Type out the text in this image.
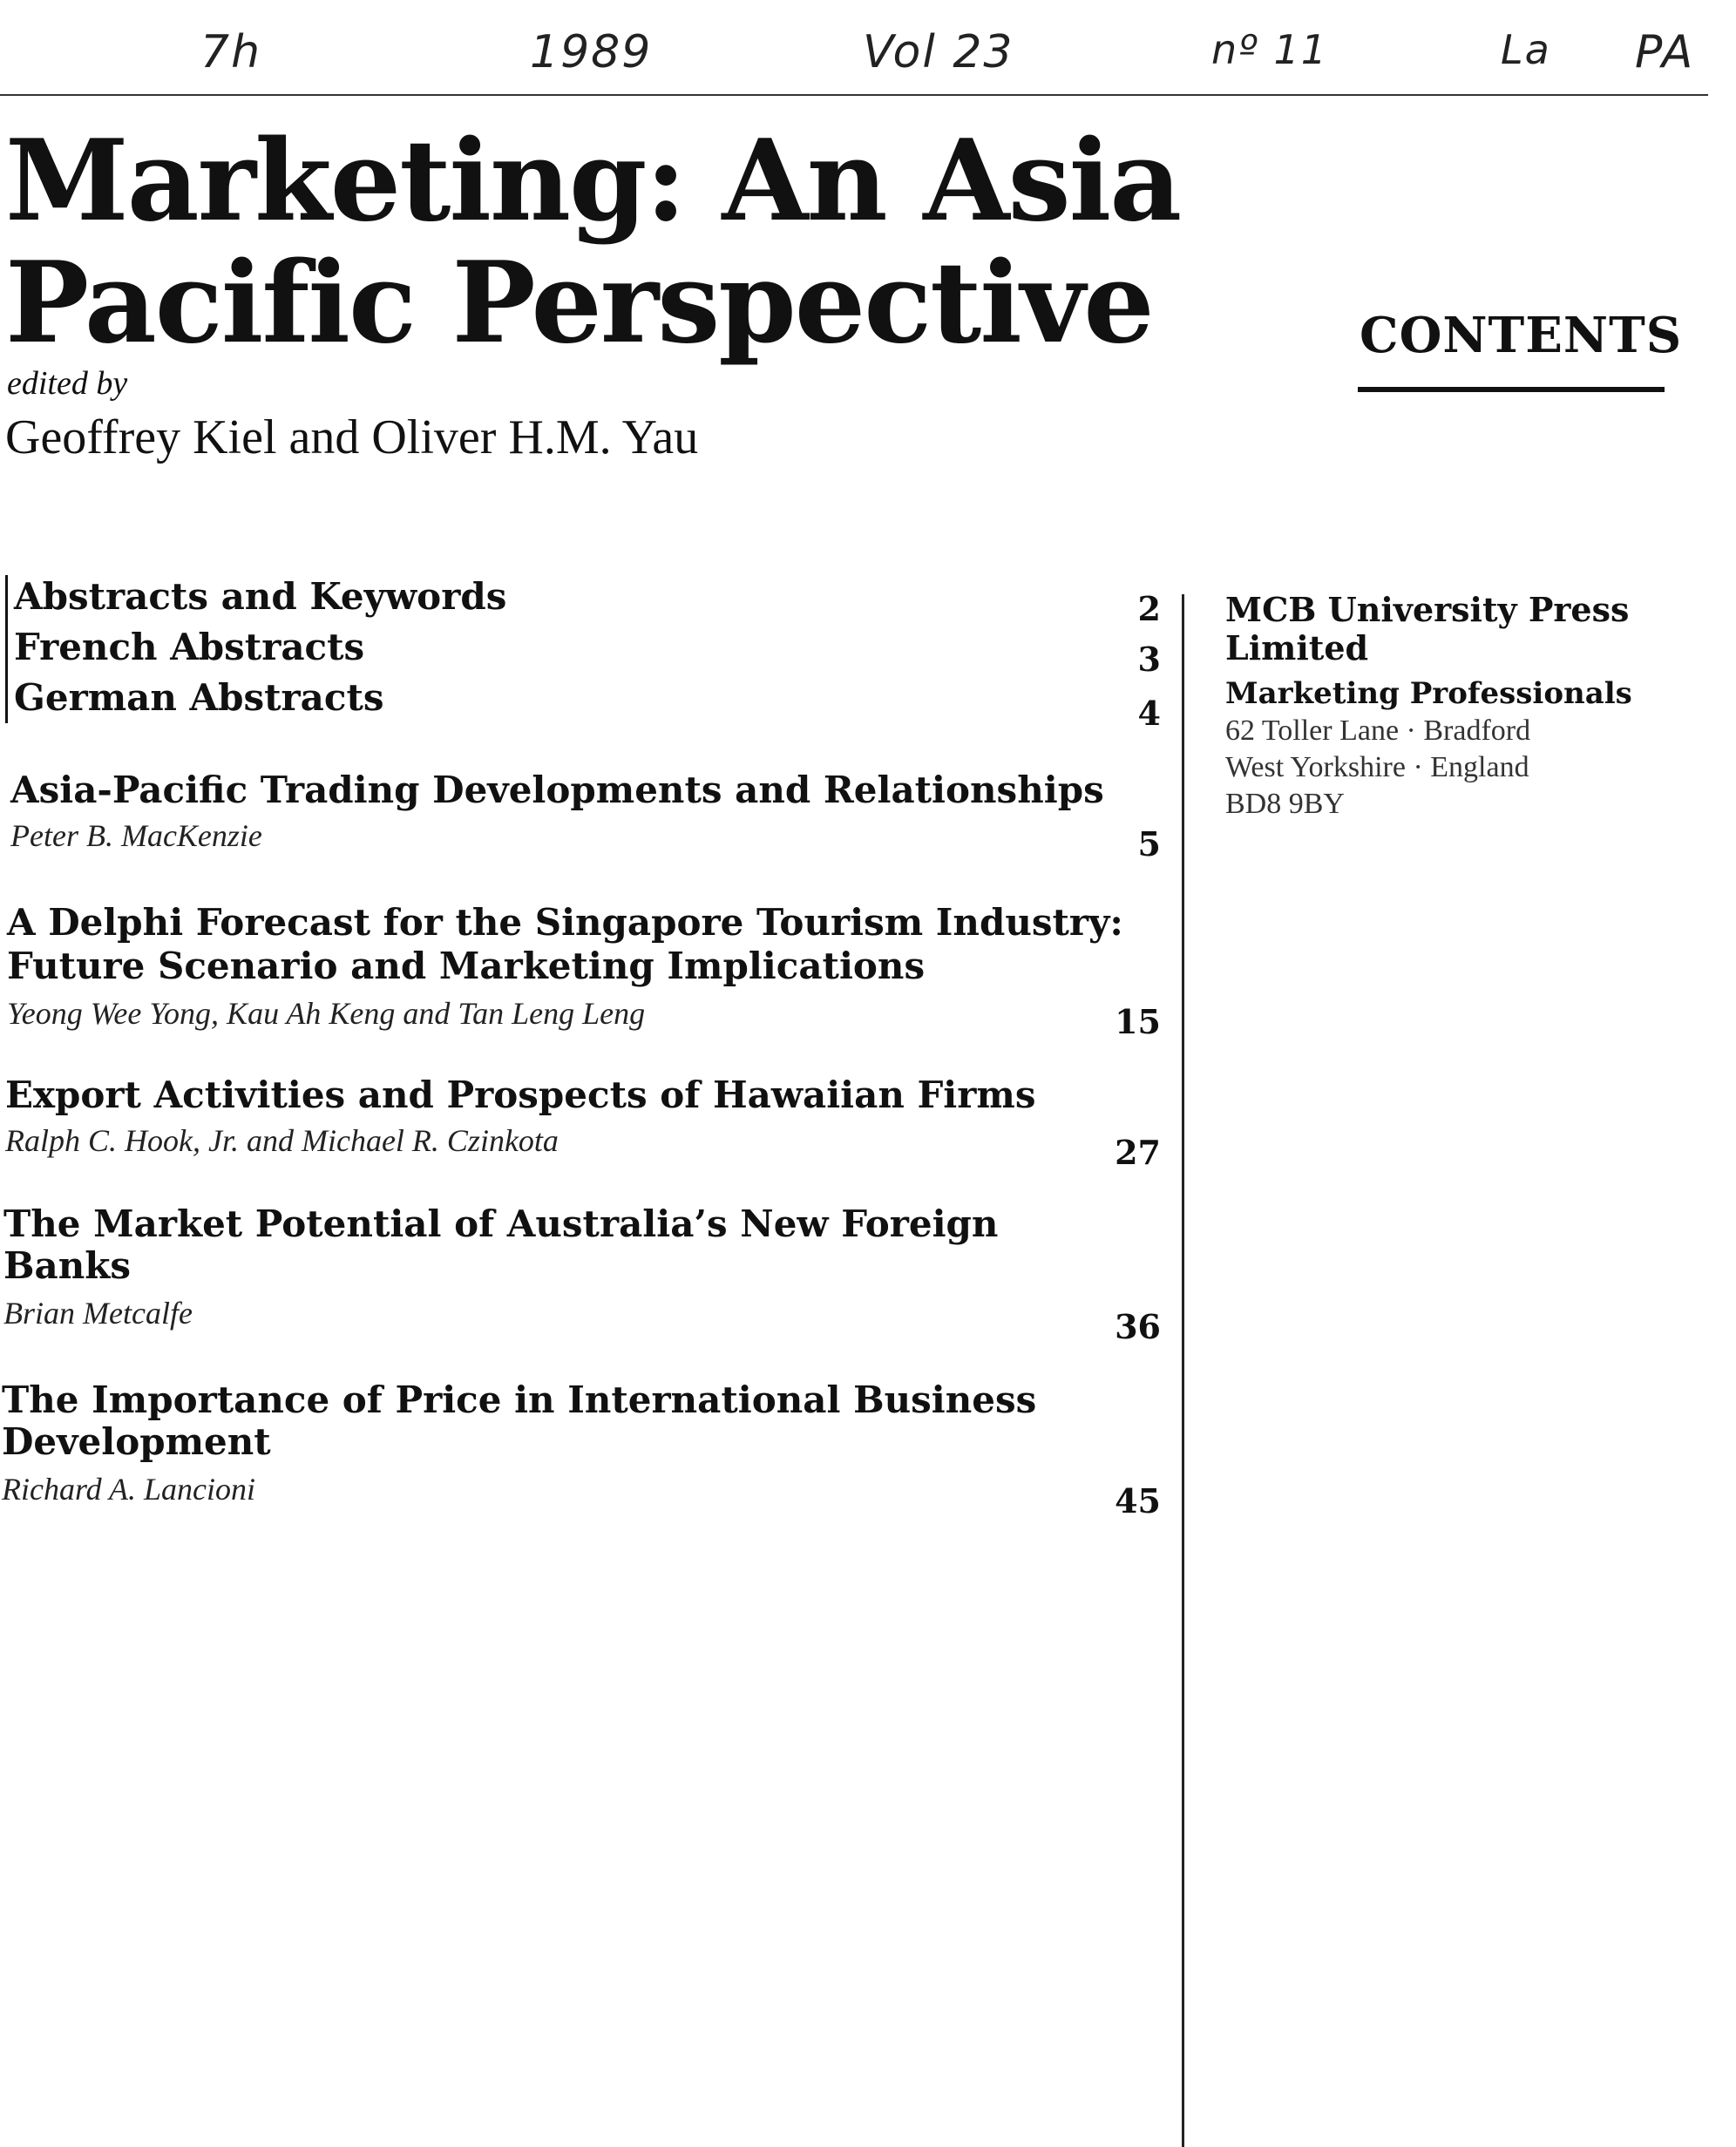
7h	1989	Vol 23	nº 11	La PA
Marketing: An Asia
Pacific Perspective
edited by
Geoffrey Kiel and Oliver H.M. Yau
CONTENTS
Abstracts and Keywords	2
French Abstracts	3
German Abstracts	4
Asia-Pacific Trading Developments and Relationships
Peter B. MacKenzie	5
A Delphi Forecast for the Singapore Tourism Industry:
Future Scenario and Marketing Implications
Yeong Wee Yong, Kau Ah Keng and Tan Leng Leng	15
Export Activities and Prospects of Hawaiian Firms
Ralph C. Hook, Jr. and Michael R. Czinkota	27
The Market Potential of Australia’s New Foreign
Banks
Brian Metcalfe	36
The Importance of Price in International Business
Development
Richard A. Lancioni	45
MCB University Press Limited
Marketing Professionals
62 Toller Lane · Bradford
West Yorkshire · England
BD8 9BY
